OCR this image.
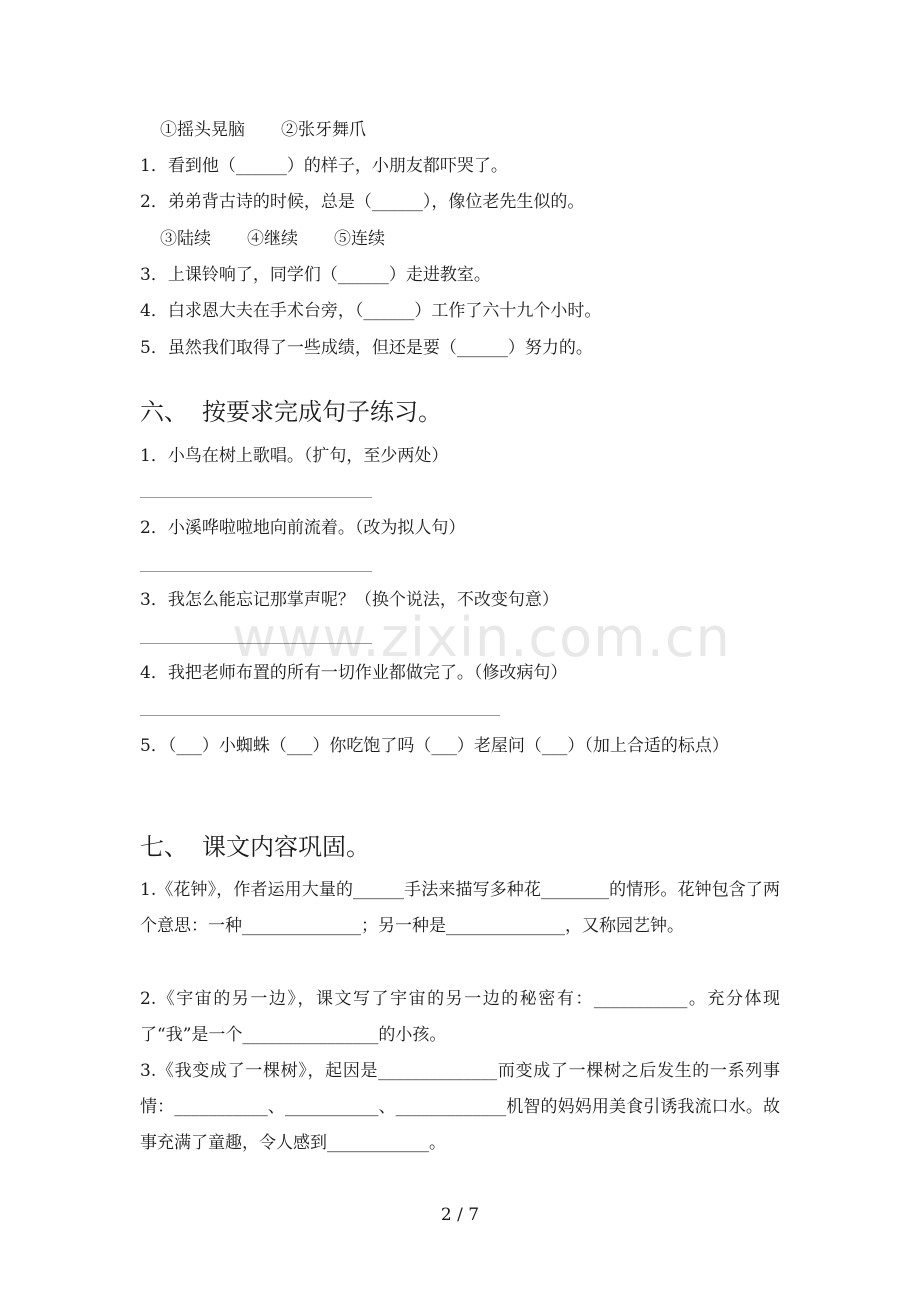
①摇头晃脑 ②张牙舞爪
1．看到他（______）的样子，小朋友都吓哭了。
2．弟弟背古诗的时候，总是（______），像位老先生似的。
③陆续 ④继续 ⑤连续
3．上课铃响了，同学们（______）走进教室。
4．白求恩大夫在手术台旁，（______）工作了六十九个小时。
5．虽然我们取得了一些成绩，但还是要（______）努力的。
六、 按要求完成句子练习。
1．小鸟在树上歌唱。（扩句，至少两处）
2．小溪哗啦啦地向前流着。（改为拟人句）
3．我怎么能忘记那掌声呢？（换个说法，不改变句意）
4．我把老师布置的所有一切作业都做完了。（修改病句）
5．（___）小蜘蛛（___）你吃饱了吗（___）老屋问（___）（加上合适的标点）
七、 课文内容巩固。
1.《花钟》，作者运用大量的______手法来描写多种花________的情形。花钟包含了两个意思：一种______________；另一种是______________，又称园艺钟。
2.《宇宙的另一边》，课文写了宇宙的另一边的秘密有：___________。充分体现了“我”是一个________________的小孩。
3.《我变成了一棵树》，起因是______________而变成了一棵树之后发生的一系列事情：___________、___________、_____________机智的妈妈用美食引诱我流口水。故事充满了童趣，令人感到____________。
www.zixin.com.cn
2 / 7
